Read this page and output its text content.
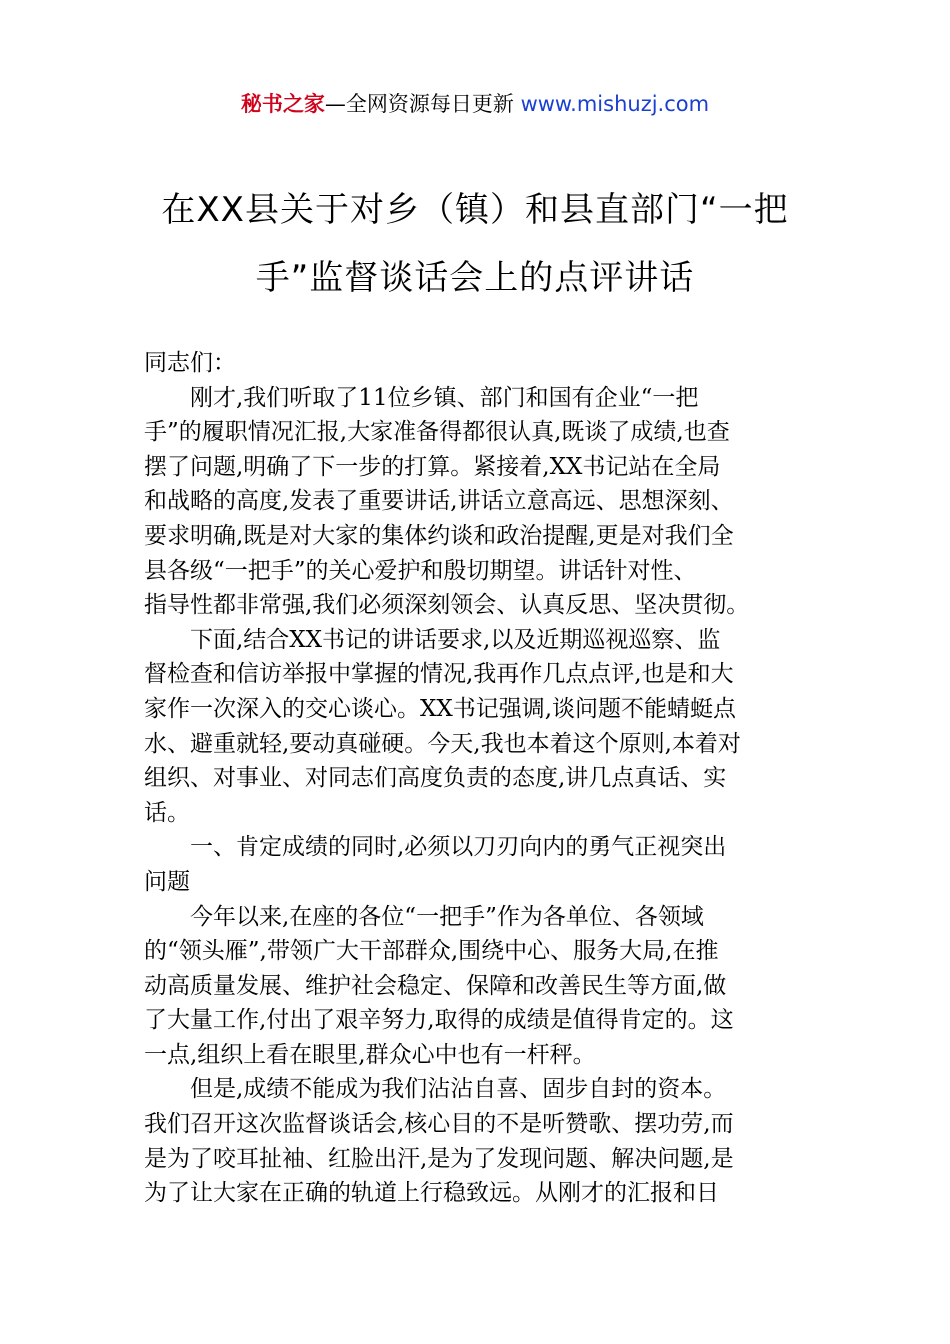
秘书之家—全网资源每日更新 www.mishuzj.com
在XX县关于对乡（镇）和县直部门“一把
手”监督谈话会上的点评讲话
同志们：
刚才,我们听取了11位乡镇、部门和国有企业“一把
手”的履职情况汇报,大家准备得都很认真,既谈了成绩,也查
摆了问题,明确了下一步的打算。紧接着,XX书记站在全局
和战略的高度,发表了重要讲话,讲话立意高远、思想深刻、
要求明确,既是对大家的集体约谈和政治提醒,更是对我们全
县各级“一把手”的关心爱护和殷切期望。讲话针对性、
指导性都非常强,我们必须深刻领会、认真反思、坚决贯彻。
下面,结合XX书记的讲话要求,以及近期巡视巡察、监
督检查和信访举报中掌握的情况,我再作几点点评,也是和大
家作一次深入的交心谈心。XX书记强调,谈问题不能蜻蜓点
水、避重就轻,要动真碰硬。今天,我也本着这个原则,本着对
组织、对事业、对同志们高度负责的态度,讲几点真话、实
话。
一、肯定成绩的同时,必须以刀刃向内的勇气正视突出
问题
今年以来,在座的各位“一把手”作为各单位、各领域
的“领头雁”,带领广大干部群众,围绕中心、服务大局,在推
动高质量发展、维护社会稳定、保障和改善民生等方面,做
了大量工作,付出了艰辛努力,取得的成绩是值得肯定的。这
一点,组织上看在眼里,群众心中也有一杆秤。
但是,成绩不能成为我们沾沾自喜、固步自封的资本。
我们召开这次监督谈话会,核心目的不是听赞歌、摆功劳,而
是为了咬耳扯袖、红脸出汗,是为了发现问题、解决问题,是
为了让大家在正确的轨道上行稳致远。从刚才的汇报和日
